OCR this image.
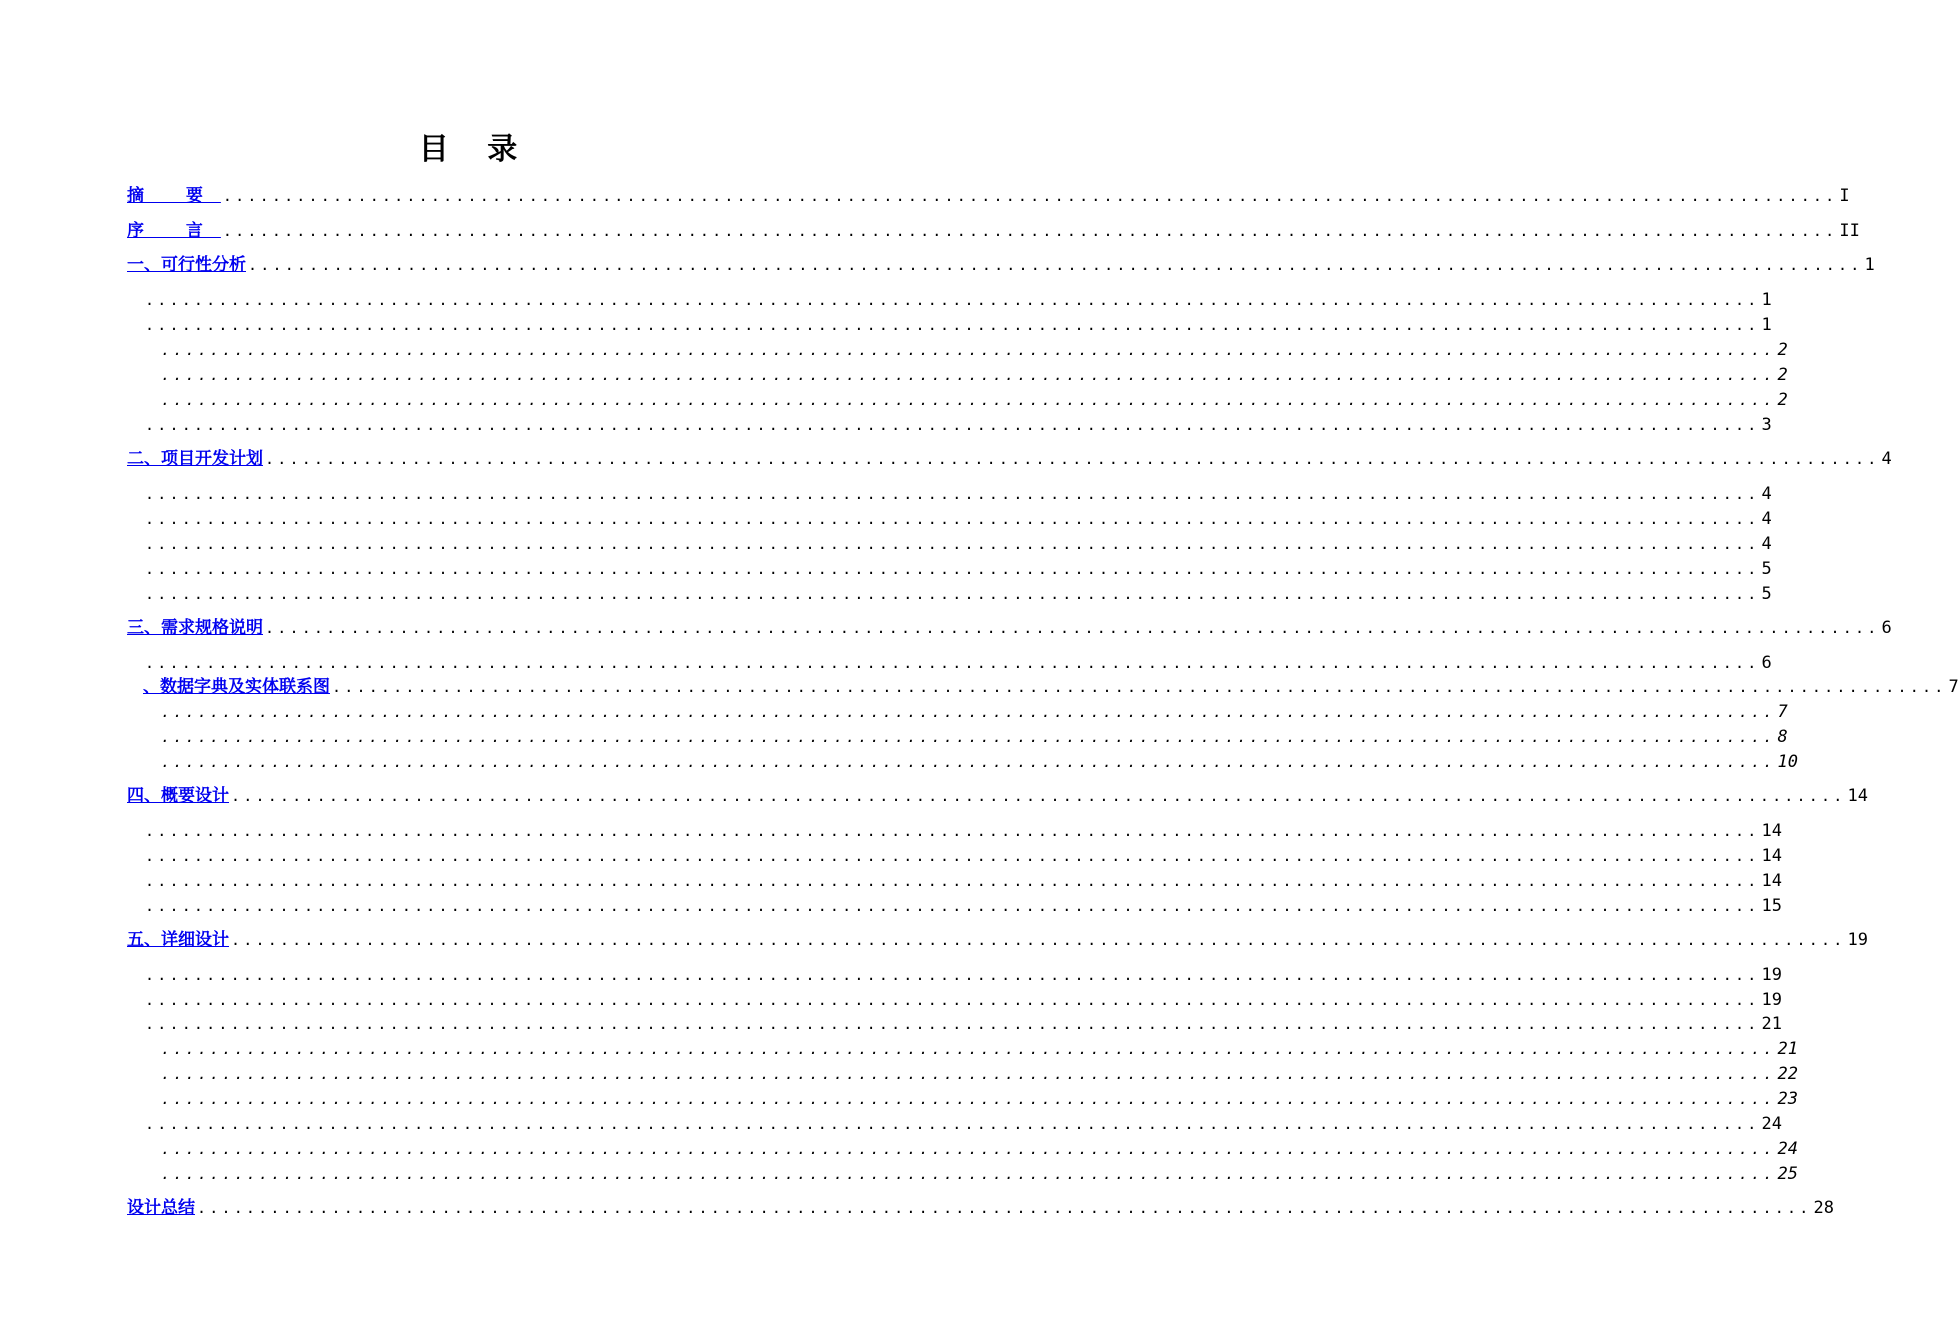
目 录
摘 要 .................................................................................................................................... I
序 言 .................................................................................................................................... II
一、可行性分析 .................................................................................................................................... 1
.................................................................................................................................... 1
.................................................................................................................................... 1
.................................................................................................................................... 2
.................................................................................................................................... 2
.................................................................................................................................... 2
.................................................................................................................................... 3
二、项目开发计划 .................................................................................................................................... 4
.................................................................................................................................... 4
.................................................................................................................................... 4
.................................................................................................................................... 4
.................................................................................................................................... 5
.................................................................................................................................... 5
三、需求规格说明 .................................................................................................................................... 6
.................................................................................................................................... 6
、数据字典及实体联系图 .................................................................................................................................... 7
.................................................................................................................................... 7
.................................................................................................................................... 8
.................................................................................................................................... 10
四、概要设计 .................................................................................................................................... 14
.................................................................................................................................... 14
.................................................................................................................................... 14
.................................................................................................................................... 14
.................................................................................................................................... 15
五、详细设计 .................................................................................................................................... 19
.................................................................................................................................... 19
.................................................................................................................................... 19
.................................................................................................................................... 21
.................................................................................................................................... 21
.................................................................................................................................... 22
.................................................................................................................................... 23
.................................................................................................................................... 24
.................................................................................................................................... 24
.................................................................................................................................... 25
设计总结 .................................................................................................................................... 28
